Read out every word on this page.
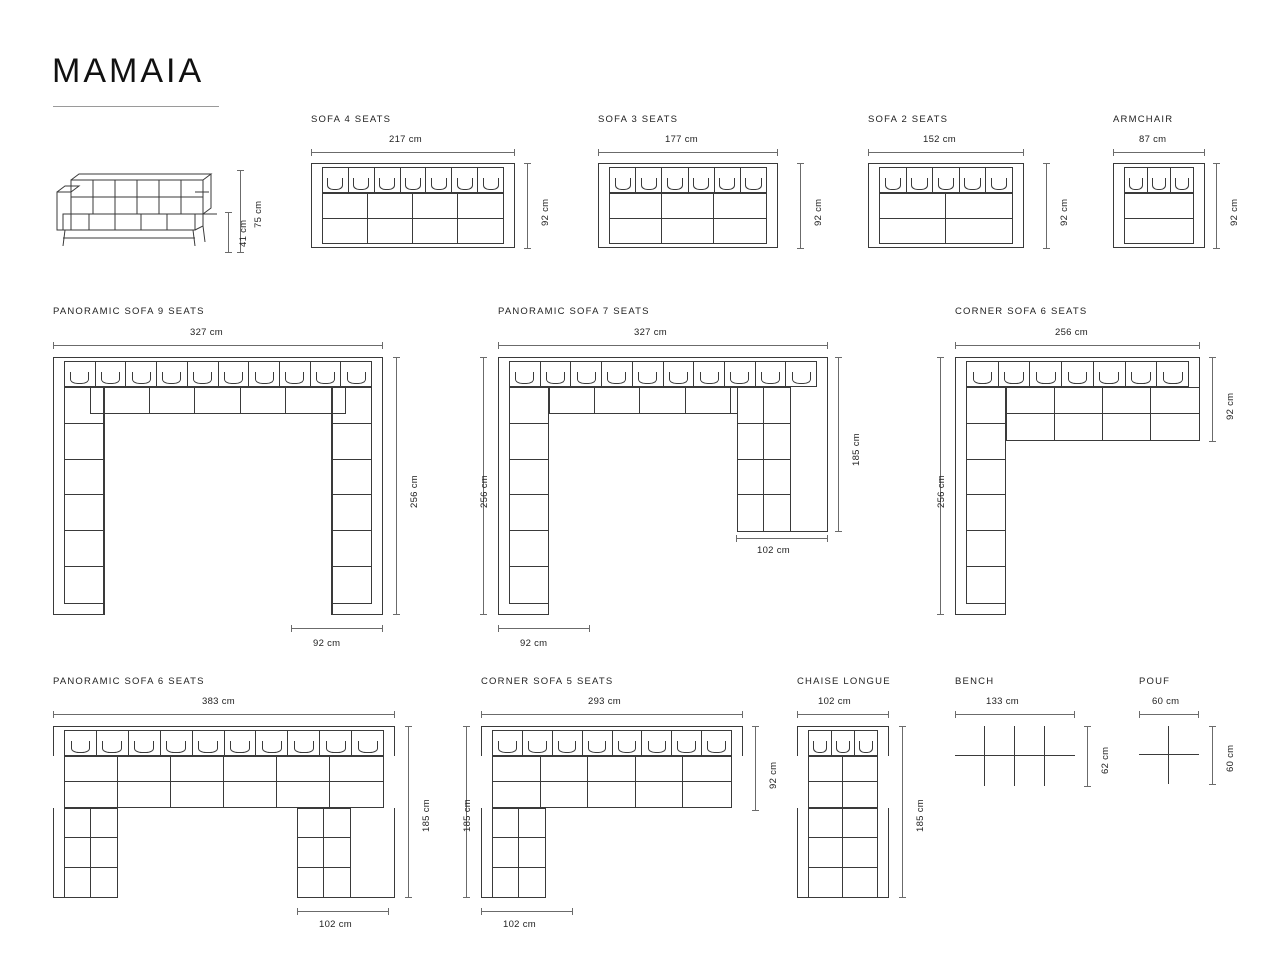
MAMAIA
75 cm
41 cm
SOFA 4 SEATS
217 cm
92 cm
SOFA 3 SEATS
177 cm
92 cm
SOFA 2 SEATS
152 cm
92 cm
ARMCHAIR
87 cm
92 cm
PANORAMIC SOFA 9 SEATS
327 cm
256 cm
92 cm
PANORAMIC SOFA 7 SEATS
327 cm
256 cm
185 cm
102 cm
92 cm
CORNER SOFA 6 SEATS
256 cm
92 cm
256 cm
PANORAMIC SOFA 6 SEATS
383 cm
185 cm
102 cm
CORNER SOFA 5 SEATS
293 cm
92 cm
185 cm
102 cm
CHAISE LONGUE
102 cm
185 cm
BENCH
133 cm
62 cm
POUF
60 cm
60 cm
